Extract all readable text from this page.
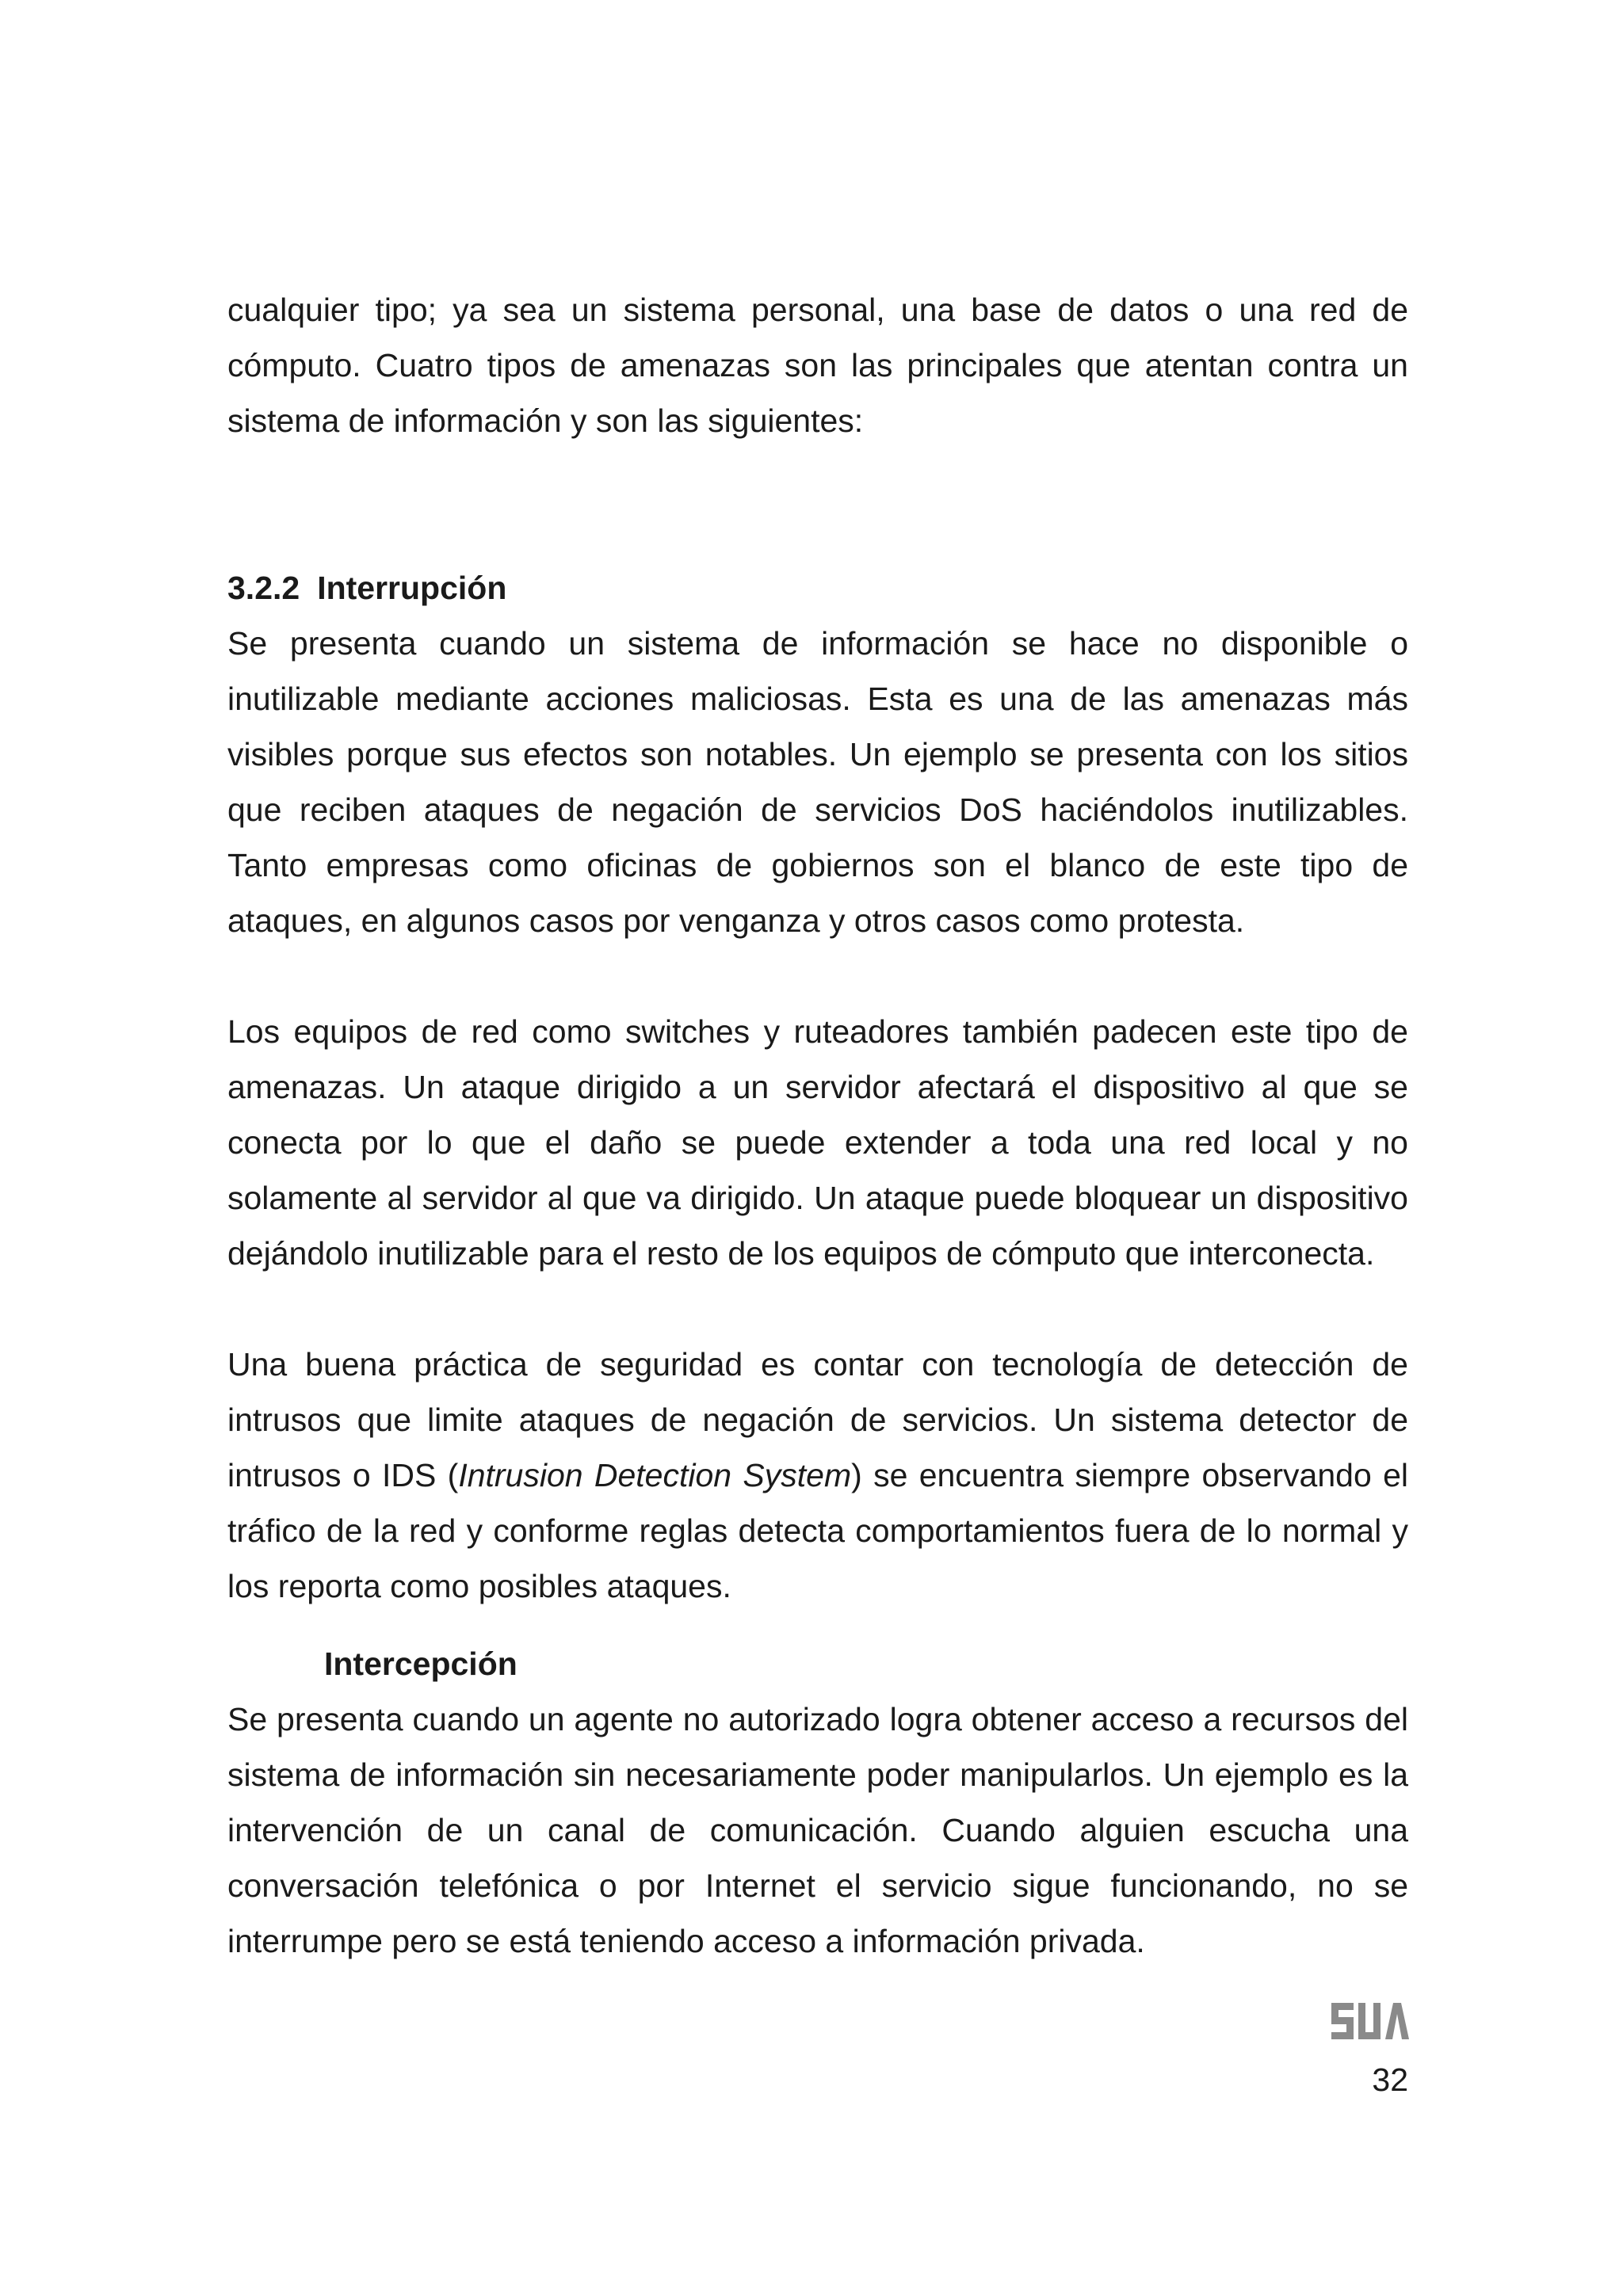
cualquier tipo; ya sea un sistema personal, una base de datos o una red de cómputo. Cuatro tipos de amenazas son las principales que atentan contra un sistema de información y son las siguientes:

3.2.2 Interrupción

Se presenta cuando un sistema de información se hace no disponible o inutilizable mediante acciones maliciosas. Esta es una de las amenazas más visibles porque sus efectos son notables. Un ejemplo se presenta con los sitios que reciben ataques de negación de servicios DoS haciéndolos inutilizables. Tanto empresas como oficinas de gobiernos son el blanco de este tipo de ataques, en algunos casos por venganza y otros casos como protesta.

Los equipos de red como switches y ruteadores también padecen este tipo de amenazas. Un ataque dirigido a un servidor afectará el dispositivo al que se conecta por lo que el daño se puede extender a toda una red local y no solamente al servidor al que va dirigido. Un ataque puede bloquear un dispositivo dejándolo inutilizable para el resto de los equipos de cómputo que interconecta.

Una buena práctica de seguridad es contar con tecnología de detección de intrusos que limite ataques de negación de servicios. Un sistema detector de intrusos o IDS (Intrusion Detection System) se encuentra siempre observando el tráfico de la red y conforme reglas detecta comportamientos fuera de lo normal y los reporta como posibles ataques.

Intercepción

Se presenta cuando un agente no autorizado logra obtener acceso a recursos del sistema de información sin necesariamente poder manipularlos. Un ejemplo es la intervención de un canal de comunicación. Cuando alguien escucha una conversación telefónica o por Internet el servicio sigue funcionando, no se interrumpe pero se está teniendo acceso a información privada.

32
